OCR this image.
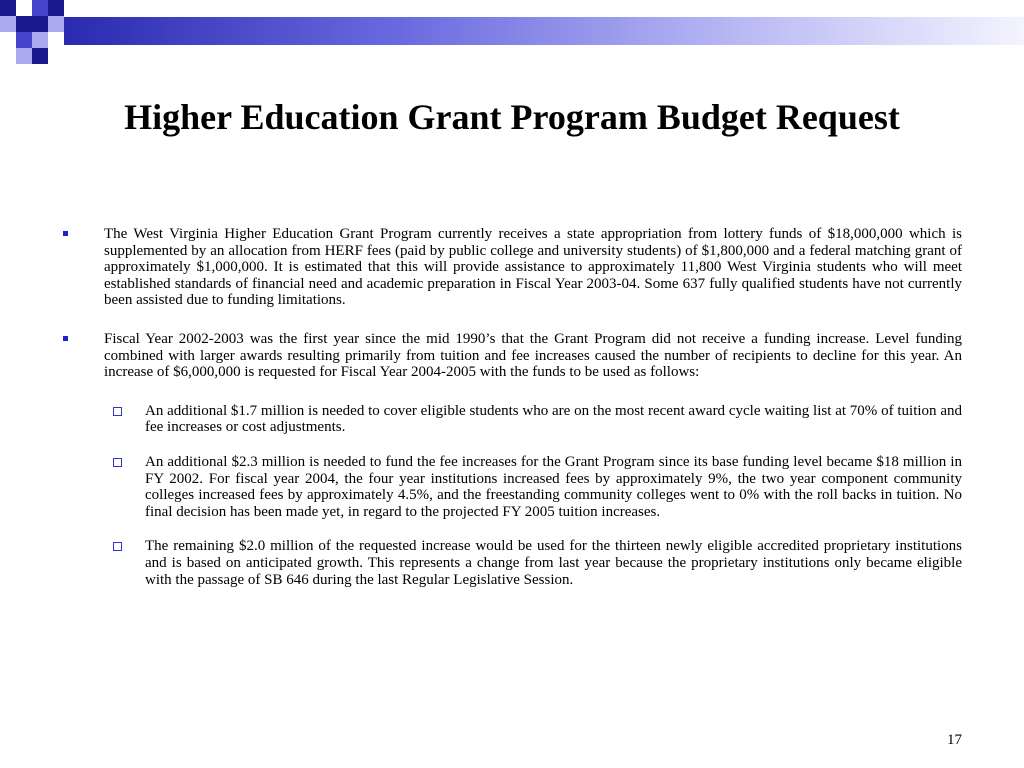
Higher Education Grant Program Budget Request
The West Virginia Higher Education Grant Program currently receives a state appropriation from lottery funds of $18,000,000 which is supplemented by an allocation from HERF fees (paid by public college and university students) of $1,800,000 and a federal matching grant of approximately $1,000,000. It is estimated that this will provide assistance to approximately 11,800 West Virginia students who will meet established standards of financial need and academic preparation in Fiscal Year 2003-04. Some 637 fully qualified students have not currently been assisted due to funding limitations.
Fiscal Year 2002-2003 was the first year since the mid 1990’s that the Grant Program did not receive a funding increase. Level funding combined with larger awards resulting primarily from tuition and fee increases caused the number of recipients to decline for this year. An increase of $6,000,000 is requested for Fiscal Year 2004-2005 with the funds to be used as follows:
An additional $1.7 million is needed to cover eligible students who are on the most recent award cycle waiting list at 70% of tuition and fee increases or cost adjustments.
An additional $2.3 million is needed to fund the fee increases for the Grant Program since its base funding level became $18 million in FY 2002. For fiscal year 2004, the four year institutions increased fees by approximately 9%, the two year component community colleges increased fees by approximately 4.5%, and the freestanding community colleges went to 0% with the roll backs in tuition. No final decision has been made yet, in regard to the projected FY 2005 tuition increases.
The remaining $2.0 million of the requested increase would be used for the thirteen newly eligible accredited proprietary institutions and is based on anticipated growth. This represents a change from last year because the proprietary institutions only became eligible with the passage of SB 646 during the last Regular Legislative Session.
17
